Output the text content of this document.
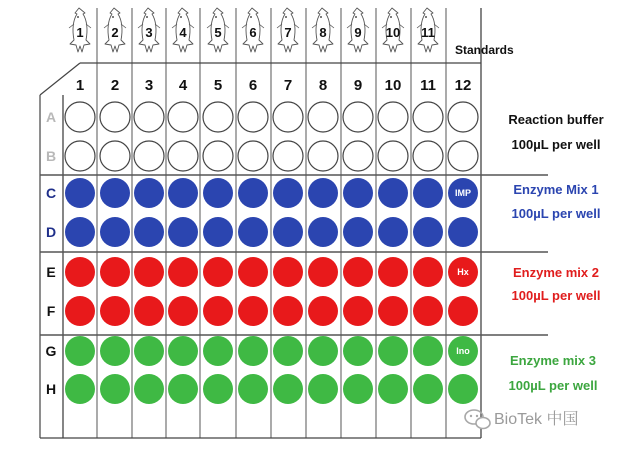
1 2 3 4 5 6 7 8 9 10 11
Standards
1 2 3 4 5 6 7 8 9 10 11 12
A
B
C
D
E
F
G
H
IMP
Hx
Ino
Reaction buffer
100µL per well
Enzyme Mix 1
100µL per well
Enzyme mix 2
100µL per well
Enzyme mix 3
100µL per well
BioTek 中国
